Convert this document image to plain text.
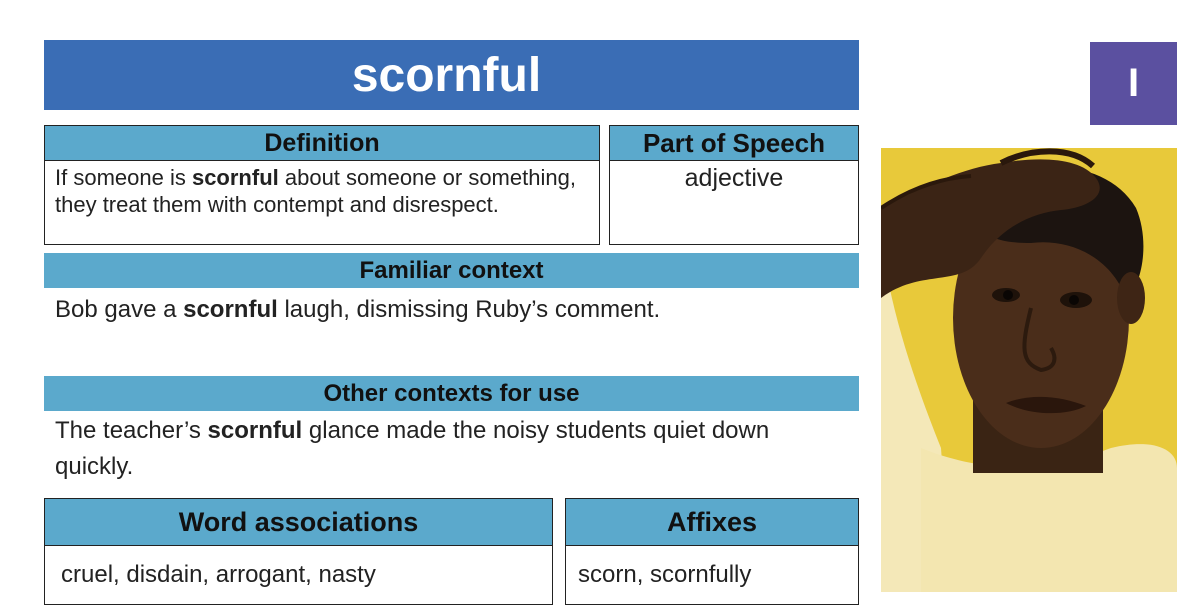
scornful	I
Definition
If someone is scornful about someone or something, they treat them with contempt and disrespect.
Part of Speech
adjective
Familiar context
Bob gave a scornful laugh, dismissing Ruby’s comment.
Other contexts for use
The teacher’s scornful glance made the noisy students quiet down quickly.
Word associations
cruel, disdain, arrogant, nasty
Affixes
scorn, scornfully
